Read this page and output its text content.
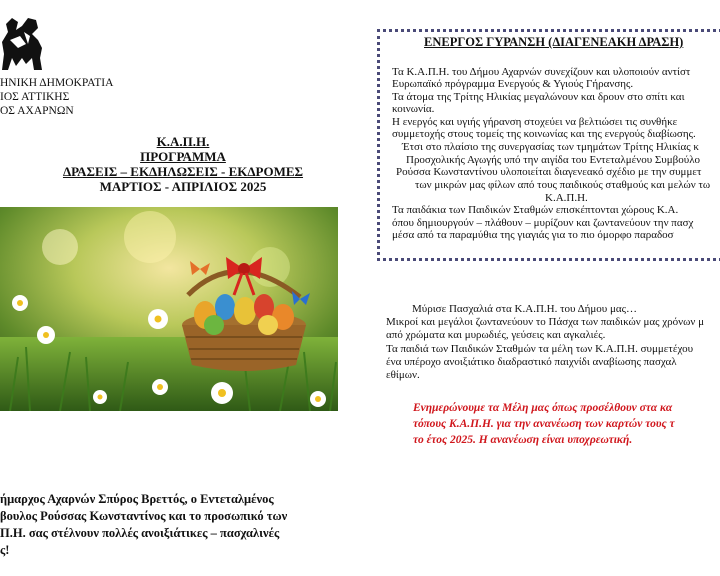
ΗΝΙΚΗ ΔΗΜΟΚΡΑΤΙΑ
ΙΟΣ ΑΤΤΙΚΗΣ
ΟΣ ΑΧΑΡΝΩΝ
Κ.Α.Π.Η.
ΠΡΟΓΡΑΜΜΑ
ΔΡΑΣΕΙΣ – ΕΚΔΗΛΩΣΕΙΣ - ΕΚΔΡΟΜΕΣ
ΜΑΡΤΙΟΣ - ΑΠΡΙΛΙΟΣ 2025
ήμαρχος Αχαρνών Σπύρος Βρεττός, ο Εντεταλμένος
βουλος Ρούσσας Κωνσταντίνος και το προσωπικό των
Π.Η. σας στέλνουν πολλές ανοιξιάτικες – πασχαλινές
ς!
ΕΝΕΡΓΟΣ ΓΥΡΑΝΣΗ (ΔΙΑΓΕΝΕΑΚΗ ΔΡΑΣΗ)
Τα Κ.Α.Π.Η. του Δήμου Αχαρνών συνεχίζουν και υλοποιούν αντίστ
Ευρωπαϊκό πρόγραμμα Ενεργούς & Υγιούς Γήρανσης.
Τα άτομα της Τρίτης Ηλικίας μεγαλώνουν και δρουν στο σπίτι και
κοινωνία.
Η ενεργός και υγιής γήρανση στοχεύει να βελτιώσει τις συνθήκε
συμμετοχής στους τομείς της κοινωνίας και της ενεργούς διαβίωσης.
Έτσι στο πλαίσιο της συνεργασίας των τμημάτων Τρίτης Ηλικίας κ
Προσχολικής Αγωγής υπό την αιγίδα του Εντεταλμένου Συμβούλο
Ρούσσα Κωνσταντίνου υλοποιείται διαγενεακό σχέδιο με την συμμετ
των μικρών μας φίλων από τους παιδικούς σταθμούς και μελών τω
Κ.Α.Π.Η.
Τα παιδάκια των Παιδικών Σταθμών επισκέπτονται χώρους Κ.Α.
όπου δημιουργούν – πλάθουν – μυρίζουν και ζωντανεύουν την πασχ
μέσα από τα παραμύθια της γιαγιάς για το πιο όμορφο παραδοσ
Μύρισε Πασχαλιά στα Κ.Α.Π.Η. του Δήμου μας…
Μικροί και μεγάλοι ζωντανεύουν το Πάσχα των παιδικών μας χρόνων μ
από χρώματα και μυρωδιές, γεύσεις και αγκαλιές.
Τα παιδιά των Παιδικών Σταθμών τα μέλη των Κ.Α.Π.Η. συμμετέχου
ένα υπέροχο ανοιξιάτικο διαδραστικό παιχνίδι αναβίωσης πασχαλ
εθίμων.
Ενημερώνουμε τα Μέλη μας όπως προσέλθουν στα κα
τόπους Κ.Α.Π.Η. για την ανανέωση των καρτών τους τ
το έτος 2025. Η ανανέωση είναι υποχρεωτική.
